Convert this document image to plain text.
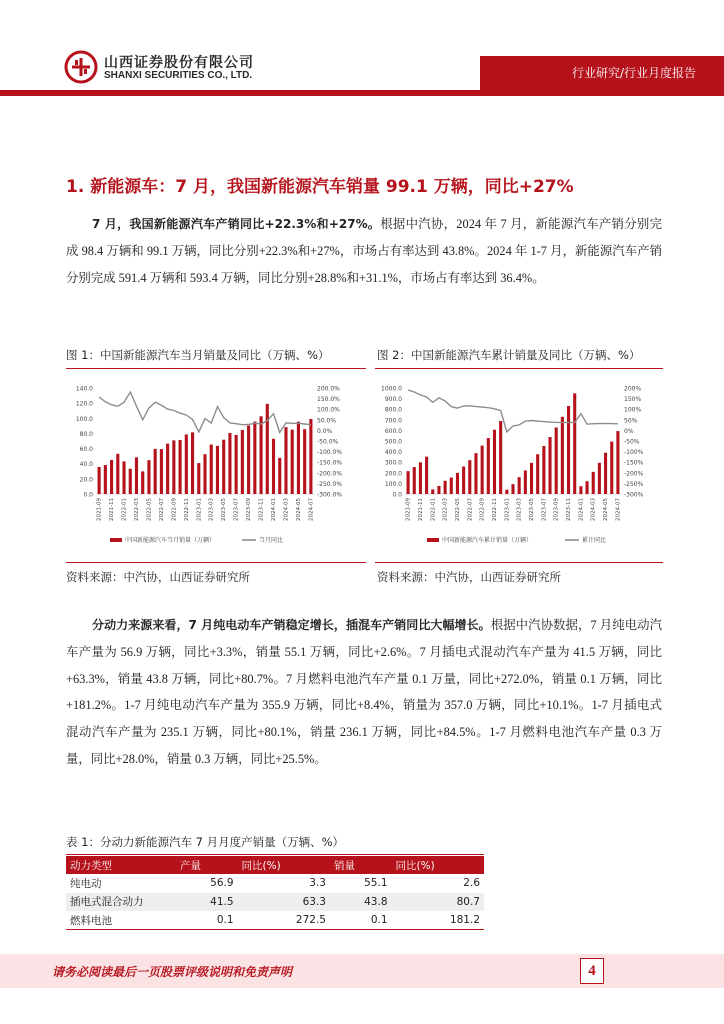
山西证券股份有限公司
SHANXI SECURITIES CO., LTD.	行业研究/行业月度报告
1. 新能源车：7 月，我国新能源汽车销量 99.1 万辆，同比+27%
7 月，我国新能源汽车产销同比+22.3%和+27%。根据中汽协，2024 年 7 月，新能源汽车产销分别完成 98.4 万辆和 99.1 万辆，同比分别+22.3%和+27%，市场占有率达到 43.8%。2024 年 1-7 月，新能源汽车产销分别完成 591.4 万辆和 593.4 万辆，同比分别+28.8%和+31.1%，市场占有率达到 36.4%。
图 1：中国新能源汽车当月销量及同比（万辆、%）	图 2：中国新能源汽车累计销量及同比（万辆、%）
0.0
20.0
40.0
60.0
80.0
100.0
120.0
140.0
-300.0%
-250.0%
-200.0%
-150.0%
-100.0%
-50.0%
0.0%
50.0%
100.0%
150.0%
200.0%
2021-09 2021-11 2022-01 2022-03 2022-05 2022-07 2022-09 2022-11 2023-01 2023-03 2023-05 2023-07 2023-09 2023-11 2024-01 2024-03 2024-05 2024-07
中国新能源汽车当月销量（万辆）	当月同比
0.0
100.0
200.0
300.0
400.0
500.0
600.0
700.0
800.0
900.0
1000.0
-300%
-250%
-200%
-150%
-100%
-50%
0%
50%
100%
150%
200%
2021-09 2021-11 2022-01 2022-03 2022-05 2022-07 2022-09 2022-11 2023-01 2023-03 2023-05 2023-07 2023-09 2023-11 2024-01 2024-03 2024-05 2024-07
中国新能源汽车累计销量（万辆）	累计同比
资料来源：中汽协，山西证券研究所	资料来源：中汽协，山西证券研究所
分动力来源来看，7 月纯电动车产销稳定增长，插混车产销同比大幅增长。根据中汽协数据，7 月纯电动汽车产量为 56.9 万辆，同比+3.3%，销量 55.1 万辆，同比+2.6%。7 月插电式混动汽车产量为 41.5 万辆，同比+63.3%，销量 43.8 万辆，同比+80.7%。7 月燃料电池汽车产量 0.1 万量，同比+272.0%，销量 0.1 万辆，同比+181.2%。1-7 月纯电动汽车产量为 355.9 万辆，同比+8.4%，销量为 357.0 万辆，同比+10.1%。1-7 月插电式混动汽车产量为 235.1 万辆，同比+80.1%，销量 236.1 万辆，同比+84.5%。1-7 月燃料电池汽车产量 0.3 万量，同比+28.0%，销量 0.3 万辆，同比+25.5%。
表 1：分动力新能源汽车 7 月月度产销量（万辆、%）
动力类型	产量	同比(%)	销量	同比(%)
纯电动	56.9	3.3	55.1	2.6
插电式混合动力	41.5	63.3	43.8	80.7
燃料电池	0.1	272.5	0.1	181.2
请务必阅读最后一页股票评级说明和免责声明	4
